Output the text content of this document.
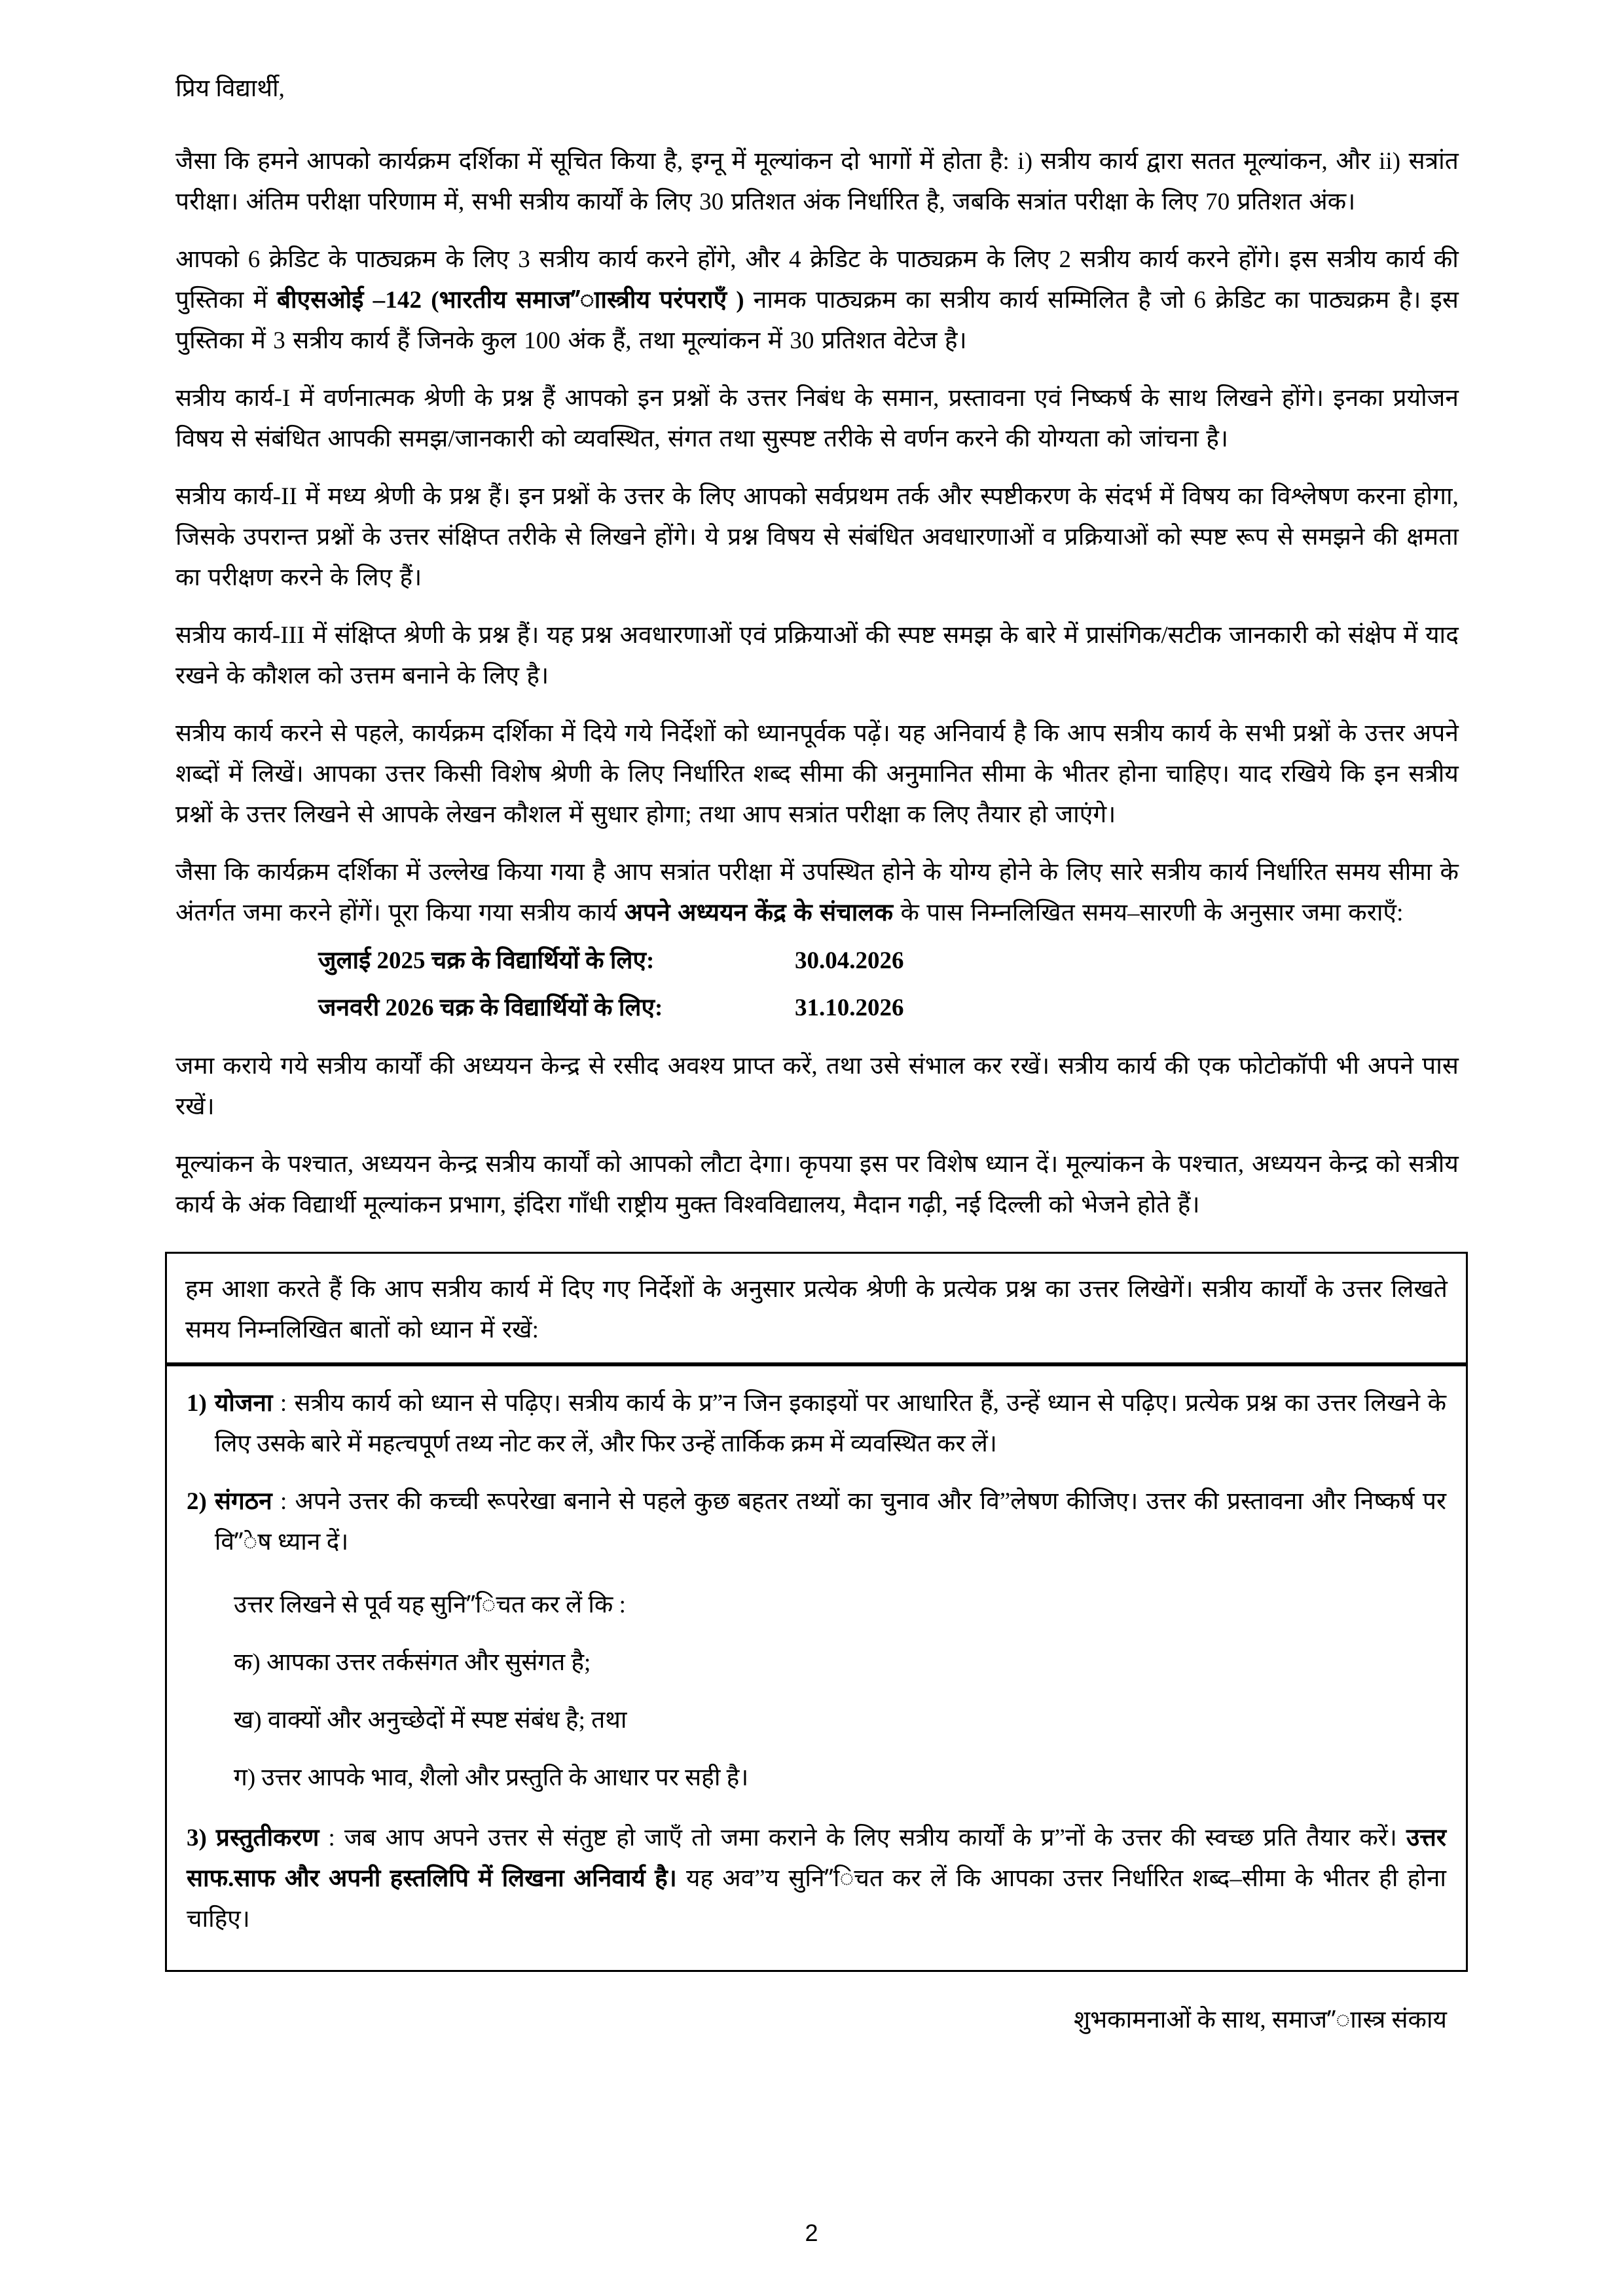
प्रिय विद्यार्थी,

जैसा कि हमने आपको कार्यक्रम दर्शिका में सूचित किया है, इग्नू में मूल्यांकन दो भागों में होता है: i) सत्रीय कार्य द्वारा सतत मूल्यांकन, और ii) सत्रांत परीक्षा। अंतिम परीक्षा परिणाम में, सभी सत्रीय कार्यों के लिए 30 प्रतिशत अंक निर्धारित है, जबकि सत्रांत परीक्षा के लिए 70 प्रतिशत अंक।

आपको 6 क्रेडिट के पाठ्यक्रम के लिए 3 सत्रीय कार्य करने होंगे, और 4 क्रेडिट के पाठ्यक्रम के लिए 2 सत्रीय कार्य करने होंगे। इस सत्रीय कार्य की पुस्तिका में बीएसओई –142 (भारतीय समाज”ाास्त्रीय परंपराएँ ) नामक पाठ्यक्रम का सत्रीय कार्य सम्मिलित है जो 6 क्रेडिट का पाठ्यक्रम है। इस पुस्तिका में 3 सत्रीय कार्य हैं जिनके कुल 100 अंक हैं, तथा मूल्यांकन में 30 प्रतिशत वेटेज है।

सत्रीय कार्य-I में वर्णनात्मक श्रेणी के प्रश्न हैं आपको इन प्रश्नों के उत्तर निबंध के समान, प्रस्तावना एवं निष्कर्ष के साथ लिखने होंगे। इनका प्रयोजन विषय से संबंधित आपकी समझ/जानकारी को व्यवस्थित, संगत तथा सुस्पष्ट तरीके से वर्णन करने की योग्यता को जांचना है।

सत्रीय कार्य-II में मध्य श्रेणी के प्रश्न हैं। इन प्रश्नों के उत्तर के लिए आपको सर्वप्रथम तर्क और स्पष्टीकरण के संदर्भ में विषय का विश्लेषण करना होगा, जिसके उपरान्त प्रश्नों के उत्तर संक्षिप्त तरीके से लिखने होंगे। ये प्रश्न विषय से संबंधित अवधारणाओं व प्रक्रियाओं को स्पष्ट रूप से समझने की क्षमता का परीक्षण करने के लिए हैं।

सत्रीय कार्य-III में संक्षिप्त श्रेणी के प्रश्न हैं। यह प्रश्न अवधारणाओं एवं प्रक्रियाओं की स्पष्ट समझ के बारे में प्रासंगिक/सटीक जानकारी को संक्षेप में याद रखने के कौशल को उत्तम बनाने के लिए है।

सत्रीय कार्य करने से पहले, कार्यक्रम दर्शिका में दिये गये निर्देशों को ध्यानपूर्वक पढ़ें। यह अनिवार्य है कि आप सत्रीय कार्य के सभी प्रश्नों के उत्तर अपने शब्दों में लिखें। आपका उत्तर किसी विशेष श्रेणी के लिए निर्धारित शब्द सीमा की अनुमानित सीमा के भीतर होना चाहिए। याद रखिये कि इन सत्रीय प्रश्नों के उत्तर लिखने से आपके लेखन कौशल में सुधार होगा; तथा आप सत्रांत परीक्षा क लिए तैयार हो जाएंगे।

जैसा कि कार्यक्रम दर्शिका में उल्लेख किया गया है आप सत्रांत परीक्षा में उपस्थित होने के योग्य होने के लिए सारे सत्रीय कार्य निर्धारित समय सीमा के अंतर्गत जमा करने होंगें। पूरा किया गया सत्रीय कार्य अपने अध्ययन केंद्र के संचालक के पास निम्नलिखित समय–सारणी के अनुसार जमा कराएँ:

जुलाई 2025 चक्र के विद्यार्थियों के लिए:	30.04.2026
जनवरी 2026 चक्र के विद्यार्थियों के लिए:	31.10.2026

जमा कराये गये सत्रीय कार्याें की अध्ययन केन्द्र से रसीद अवश्य प्राप्त करें, तथा उसे संभाल कर रखें। सत्रीय कार्य की एक फोटोकॉपी भी अपने पास रखें।

मूल्यांकन के पश्चात, अध्ययन केन्द्र सत्रीय कार्याें को आपको लौटा देगा। कृपया इस पर विशेष ध्यान दें। मूल्यांकन के पश्चात, अध्ययन केन्द्र को सत्रीय कार्य के अंक विद्यार्थी मूल्यांकन प्रभाग, इंदिरा गाँधी राष्ट्रीय मुक्त विश्वविद्यालय, मैदान गढ़ी, नई दिल्ली को भेजने होते हैं।

हम आशा करते हैं कि आप सत्रीय कार्य में दिए गए निर्देशों के अनुसार प्रत्येक श्रेणी के प्रत्येक प्रश्न का उत्तर लिखेगें। सत्रीय कार्याें के उत्तर लिखते समय निम्नलिखित बातों को ध्यान में रखें:

1) योजना : सत्रीय कार्य को ध्यान से पढ़िए। सत्रीय कार्य के प्र”न जिन इकाइयों पर आधारित हैं, उन्हें ध्यान से पढ़िए। प्रत्येक प्रश्न का उत्तर लिखने के लिए उसके बारे में महत्चपूर्ण तथ्य नोट कर लें, और फिर उन्हें तार्किक क्रम में व्यवस्थित कर लें।
2) संगठन : अपने उत्तर की कच्ची रूपरेखा बनाने से पहले कुछ बहतर तथ्यों का चुनाव और वि”लेषण कीजिए। उत्तर की प्रस्तावना और निष्कर्ष पर वि”ेष ध्यान दें।
उत्तर लिखने से पूर्व यह सुनि”िचत कर लें कि :
क) आपका उत्तर तर्कसंगत और सुसंगत है;
ख) वाक्यों और अनुच्छेदों में स्पष्ट संबंध है; तथा
ग) उत्तर आपके भाव, शैलो और प्रस्तुति के आधार पर सही है।
3) प्रस्तुतीकरण : जब आप अपने उत्तर से संतुष्ट हो जाएँ तो जमा कराने के लिए सत्रीय कार्याें के प्र”नों के उत्तर की स्वच्छ प्रति तैयार करें। उत्तर साफ.साफ और अपनी हस्तलिपि में लिखना अनिवार्य है। यह अव”य सुनि”िचत कर लें कि आपका उत्तर निर्धारित शब्द–सीमा के भीतर ही होना चाहिए।
शुभकामनाओं के साथ, समाज”ाास्त्र संकाय
2
